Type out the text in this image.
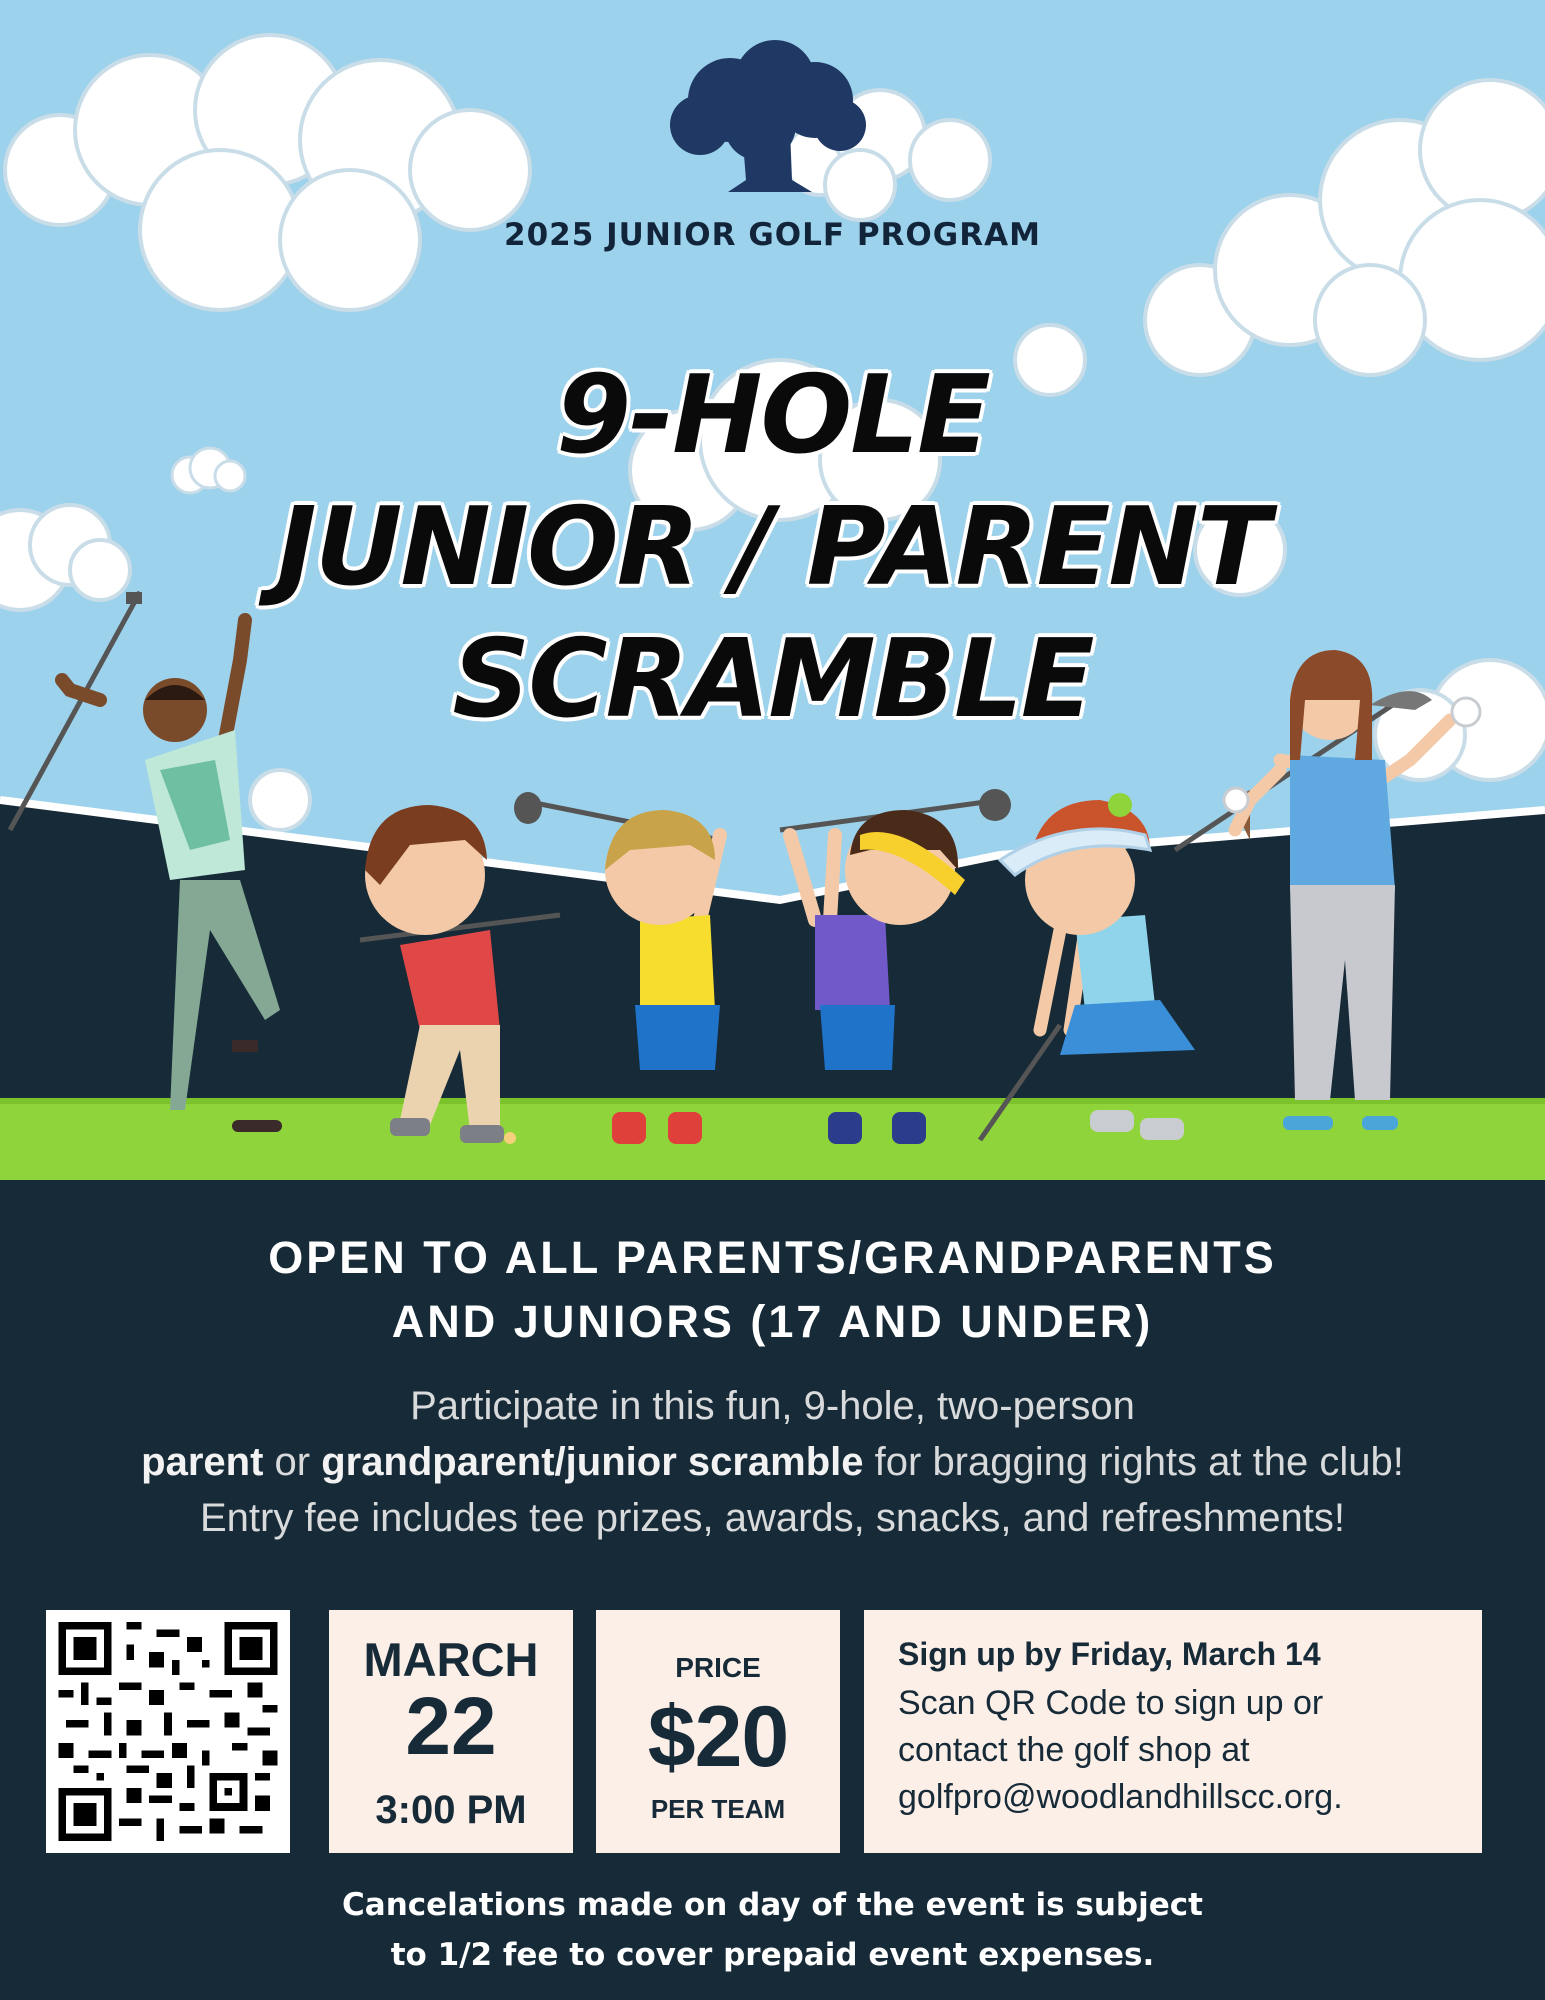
2025 JUNIOR GOLF PROGRAM

9-HOLE
JUNIOR / PARENT
SCRAMBLE
OPEN TO ALL PARENTS/GRANDPARENTS
AND JUNIORS (17 AND UNDER)

Participate in this fun, 9-hole, two-person
parent or grandparent/junior scramble for bragging rights at the club!
Entry fee includes tee prizes, awards, snacks, and refreshments!

MARCH
22
3:00 PM
PRICE
$20
PER TEAM
Sign up by Friday, March 14
Scan QR Code to sign up or
contact the golf shop at
golfpro@woodlandhillscc.org.

Cancelations made on day of the event is subject
to 1/2 fee to cover prepaid event expenses.
